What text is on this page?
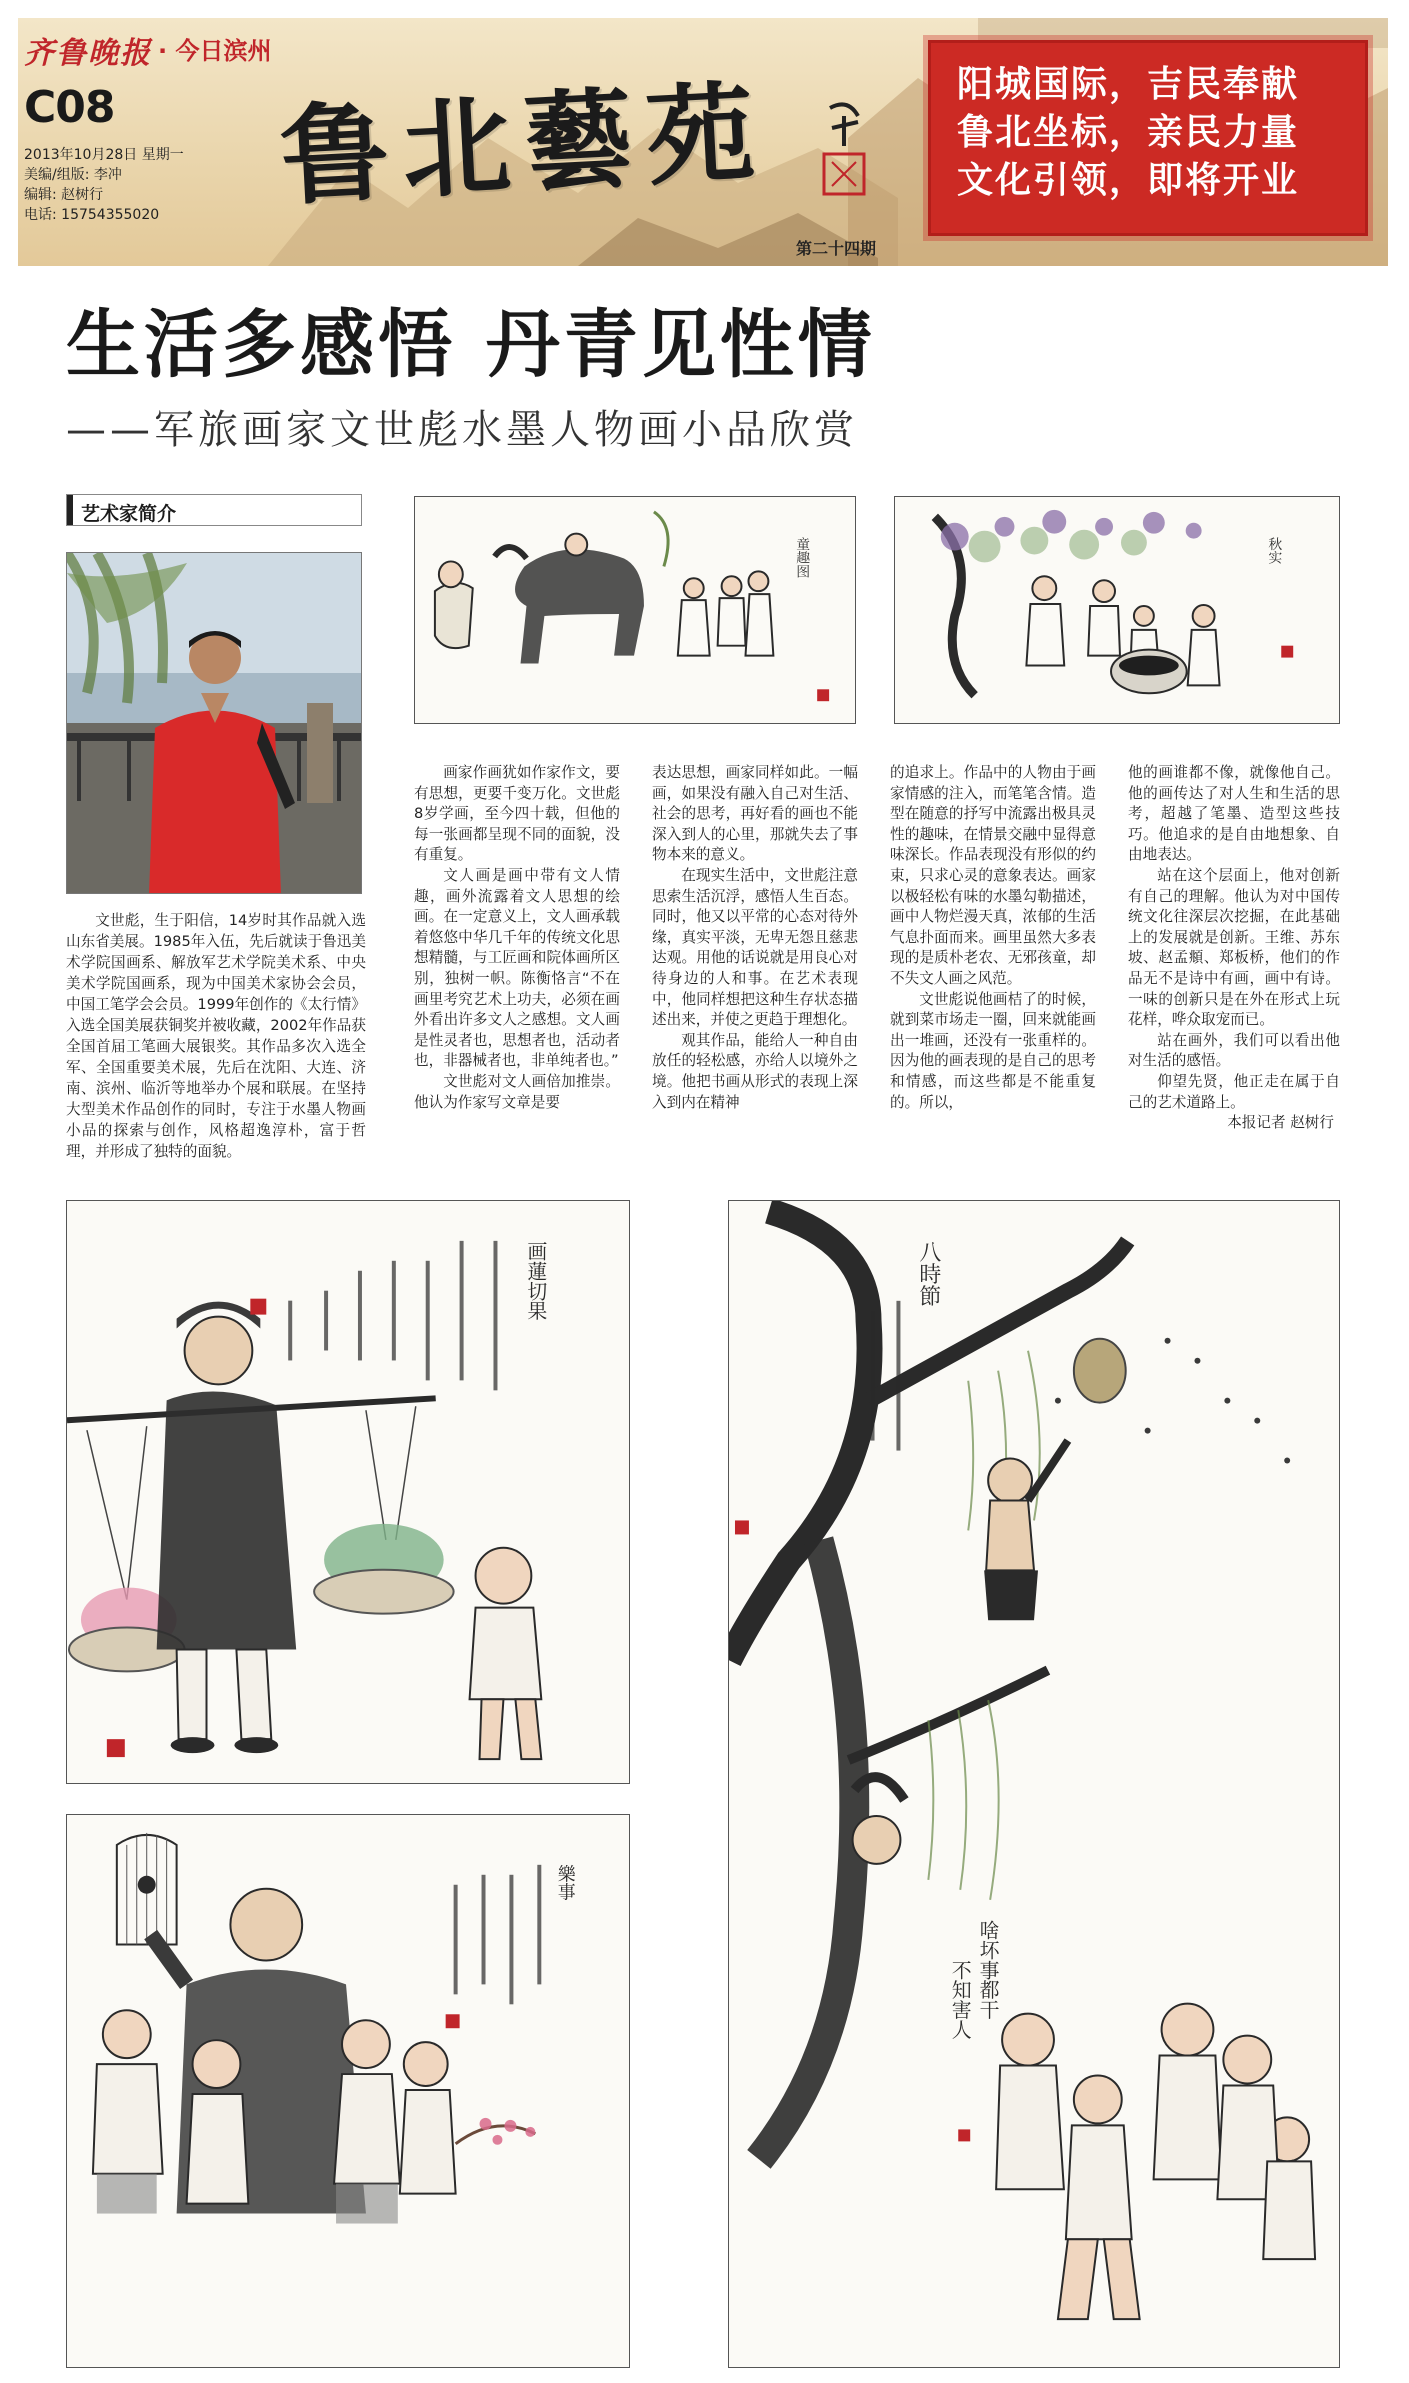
齐鲁晚报 · 今日滨州
C08
2013年10月28日 星期一
美编/组版: 李冲
编辑: 赵树行
电话: 15754355020	鲁北藝苑
第二十四期
阳城国际，吉民奉献
鲁北坐标，亲民力量
文化引领，即将开业
生活多感悟 丹青见性情
——军旅画家文世彪水墨人物画小品欣赏
艺术家简介
文世彪，生于阳信，14岁时其作品就入选山东省美展。1985年入伍，先后就读于鲁迅美术学院国画系、解放军艺术学院美术系、中央美术学院国画系，现为中国美术家协会会员，中国工笔学会会员。1999年创作的《太行情》入选全国美展获铜奖并被收藏，2002年作品获全国首届工笔画大展银奖。其作品多次入选全军、全国重要美术展，先后在沈阳、大连、济南、滨州、临沂等地举办个展和联展。在坚持大型美术作品创作的同时，专注于水墨人物画小品的探索与创作，风格超逸淳朴，富于哲理，并形成了独特的面貌。
童趣图	秋实

画家作画犹如作家作文，要有思想，更要千变万化。文世彪8岁学画，至今四十载，但他的每一张画都呈现不同的面貌，没有重复。

文人画是画中带有文人情趣，画外流露着文人思想的绘画。在一定意义上，文人画承载着悠悠中华几千年的传统文化思想精髓，与工匠画和院体画所区别，独树一帜。陈衡恪言“不在画里考究艺术上功夫，必须在画外看出许多文人之感想。文人画是性灵者也，思想者也，活动者也，非器械者也，非单纯者也。”

文世彪对文人画倍加推崇。他认为作家写文章是要

表达思想，画家同样如此。一幅画，如果没有融入自己对生活、社会的思考，再好看的画也不能深入到人的心里，那就失去了事物本来的意义。

在现实生活中，文世彪注意思索生活沉浮，感悟人生百态。同时，他又以平常的心态对待外缘，真实平淡，无卑无怨且慈悲达观。用他的话说就是用良心对待身边的人和事。在艺术表现中，他同样想把这种生存状态描述出来，并使之更趋于理想化。

观其作品，能给人一种自由放任的轻松感，亦给人以境外之境。他把书画从形式的表现上深入到内在精神

的追求上。作品中的人物由于画家情感的注入，而笔笔含情。造型在随意的抒写中流露出极具灵性的趣味，在情景交融中显得意味深长。作品表现没有形似的约束，只求心灵的意象表达。画家以极轻松有味的水墨勾勒描述，画中人物烂漫天真，浓郁的生活气息扑面而来。画里虽然大多表现的是质朴老农、无邪孩童，却不失文人画之风范。

文世彪说他画桔了的时候，就到菜市场走一圈，回来就能画出一堆画，还没有一张重样的。因为他的画表现的是自己的思考和情感，而这些都是不能重复的。所以，

他的画谁都不像，就像他自己。他的画传达了对人生和生活的思考，超越了笔墨、造型这些技巧。他追求的是自由地想象、自由地表达。

站在这个层面上，他对创新有自己的理解。他认为对中国传统文化往深层次挖掘，在此基础上的发展就是创新。王维、苏东坡、赵孟頫、郑板桥，他们的作品无不是诗中有画，画中有诗。一味的创新只是在外在形式上玩花样，哗众取宠而已。

站在画外，我们可以看出他对生活的感悟。

仰望先贤，他正走在属于自己的艺术道路上。

本报记者 赵树行
画蓮切果
樂事
八時節
啥坏事都干
不知害人
